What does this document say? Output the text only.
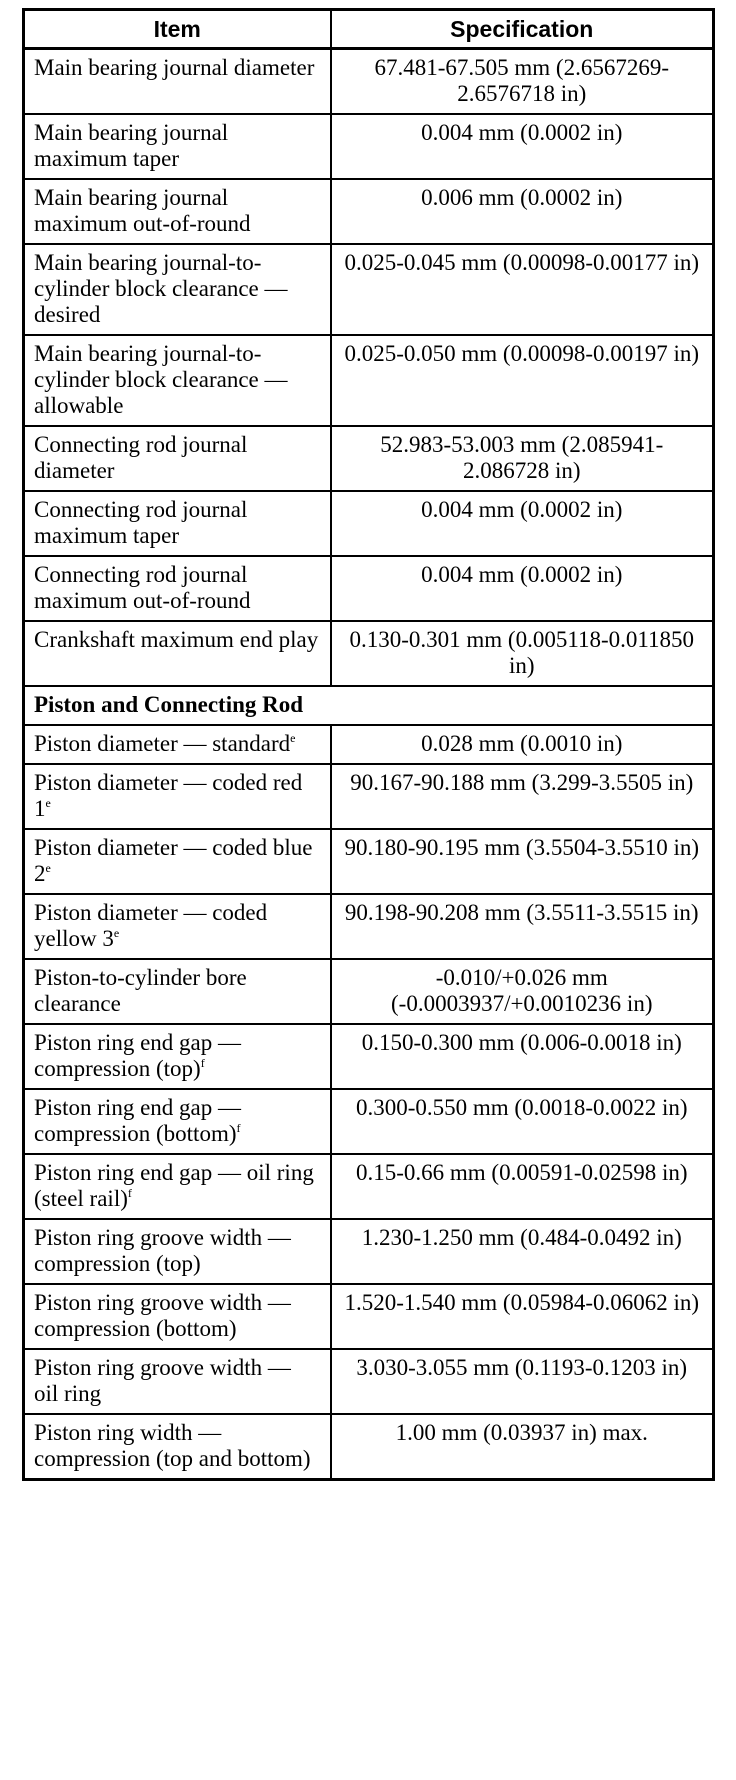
Item	Specification
Main bearing journal diameter	67.481-67.505 mm (2.6567269-2.6576718 in)
Main bearing journal maximum taper	0.004 mm (0.0002 in)
Main bearing journal maximum out-of-round	0.006 mm (0.0002 in)
Main bearing journal-to-cylinder block clearance — desired	0.025-0.045 mm (0.00098-0.00177 in)
Main bearing journal-to-cylinder block clearance — allowable	0.025-0.050 mm (0.00098-0.00197 in)
Connecting rod journal diameter	52.983-53.003 mm (2.085941-2.086728 in)
Connecting rod journal maximum taper	0.004 mm (0.0002 in)
Connecting rod journal maximum out-of-round	0.004 mm (0.0002 in)
Crankshaft maximum end play	0.130-0.301 mm (0.005118-0.011850 in)
Piston and Connecting Rod	
Piston diameter — standard$^e$	0.028 mm (0.0010 in)
Piston diameter — coded red 1e	90.167-90.188 mm (3.299-3.5505 in)
Piston diameter — coded blue 2e	90.180-90.195 mm (3.5504-3.5510 in)
Piston diameter — coded yellow 3e	90.198-90.208 mm (3.5511-3.5515 in)
Piston-to-cylinder bore clearance	-0.010/+0.026 mm (-0.0003937/+0.0010236 in)
Piston ring end gap — compression (top)$^f$	0.150-0.300 mm (0.006-0.0018 in)
Piston ring end gap — compression (bottom)$^f$	0.300-0.550 mm (0.0018-0.0022 in)
Piston ring end gap — oil ring (steel rail)$^f$	0.15-0.66 mm (0.00591-0.02598 in)
Piston ring groove width — compression (top)	1.230-1.250 mm (0.484-0.0492 in)
Piston ring groove width — compression (bottom)	1.520-1.540 mm (0.05984-0.06062 in)
Piston ring groove width — oil ring	3.030-3.055 mm (0.1193-0.1203 in)
Piston ring width — compression (top and bottom)	1.00 mm (0.03937 in) max.
